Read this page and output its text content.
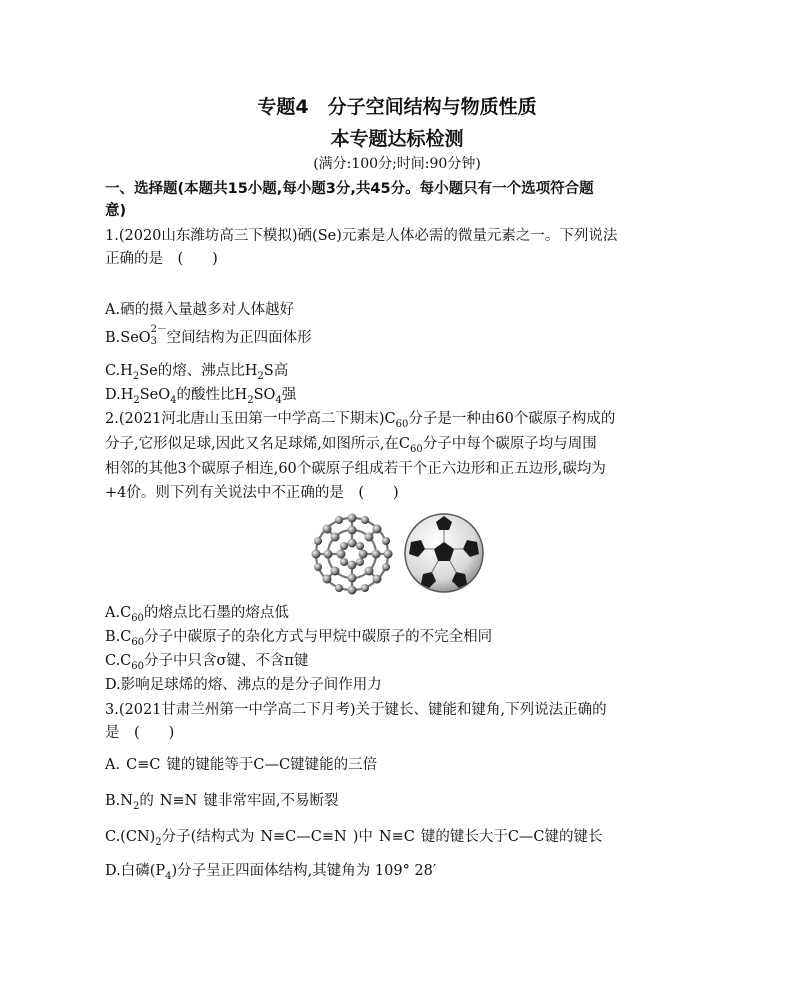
专题4　分子空间结构与物质性质
本专题达标检测
(满分:100分;时间:90分钟)
一、选择题(本题共15小题,每小题3分,共45分。每小题只有一个选项符合题
意)
1.(2020山东潍坊高三下模拟)硒(Se)元素是人体必需的微量元素之一。下列说法
正确的是　(　　)
A.硒的摄入量越多对人体越好
B.SeO
2－
3 空间结构为正四面体形
$C.H_2Se$的熔、沸点比$H_2S$高
$D.H_2SeO_4$的酸性比$H_2SO_4$强
2.(2021河北唐山玉田第一中学高二下期末)$C_{60}$分子是一种由60个碳原子构成的
分子,它形似足球,因此又名足球烯,如图所示,在$C_{60}$分子中每个碳原子均与周围
相邻的其他3个碳原子相连,60个碳原子组成若干个正六边形和正五边形,碳均为
+4价。则下列有关说法中不正确的是　(　　)
$A.C_{60}$的熔点比石墨的熔点低
$B.C_{60}$分子中碳原子的杂化方式与甲烷中碳原子的不完全相同
$C.C_{60}$分子中只含σ键、不含π键
D.影响足球烯的熔、沸点的是分子间作用力
3.(2021甘肃兰州第一中学高二下月考)关于键长、键能和键角,下列说法正确的
是　(　　)
A. C≡C 键的键能等于C—C键键能的三倍
$B.N_2$的 N≡N 键非常牢固,不易断裂
$C.(CN)_2$分子(结构式为 N≡C—C≡N )中 N≡C 键的键长大于C—C键的键长
D.白磷$(P_4)$分子呈正四面体结构,其键角为 109° 28′
